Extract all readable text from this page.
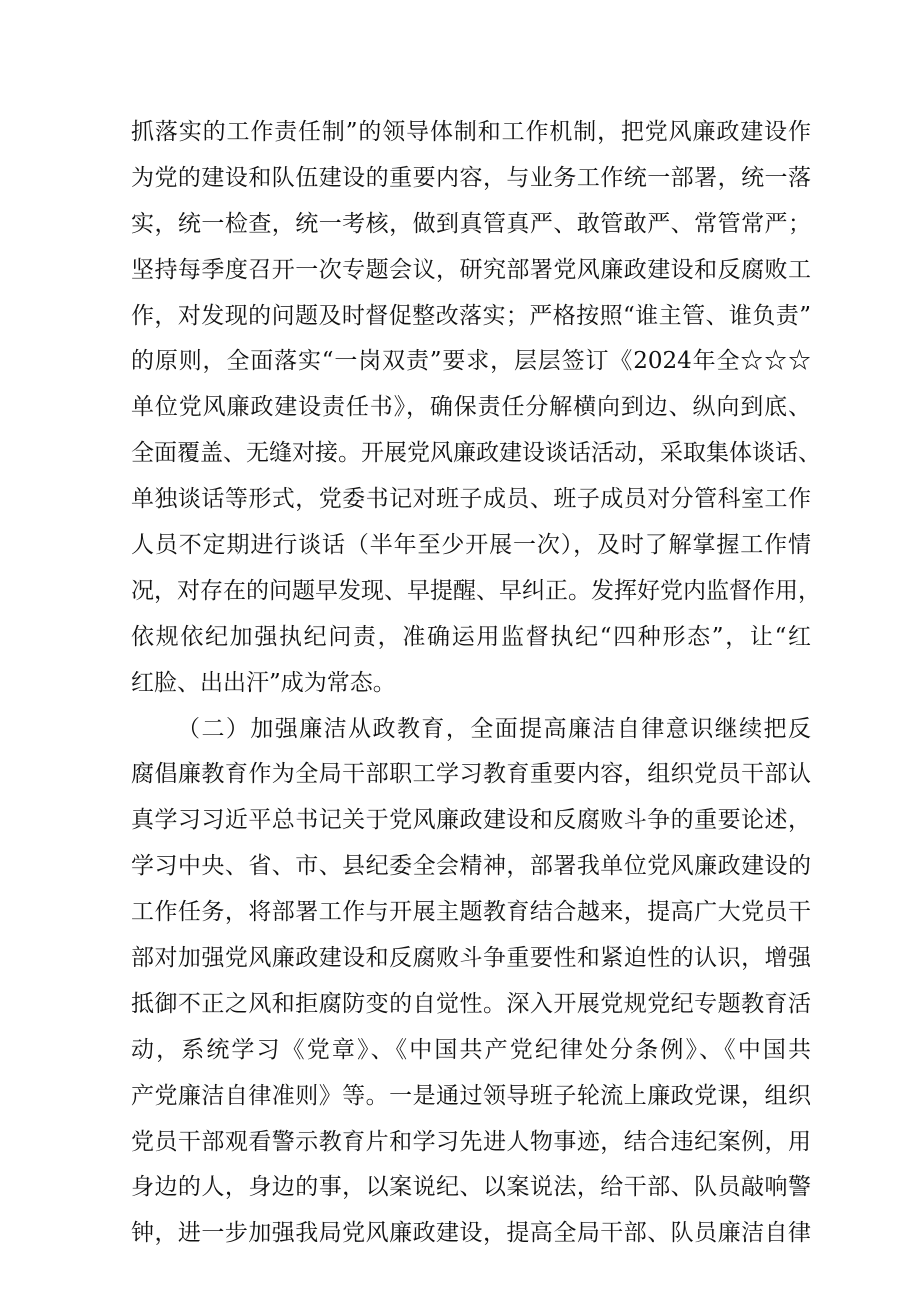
抓落实的工作责任制”的领导体制和工作机制，把党风廉政建设作
为党的建设和队伍建设的重要内容，与业务工作统一部署，统一落
实，统一检查，统一考核，做到真管真严、敢管敢严、常管常严；
坚持每季度召开一次专题会议，研究部署党风廉政建设和反腐败工
作，对发现的问题及时督促整改落实；严格按照“谁主管、谁负责”
的原则，全面落实“一岗双责”要求，层层签订《2024年全☆☆☆
单位党风廉政建设责任书》，确保责任分解横向到边、纵向到底、
全面覆盖、无缝对接。开展党风廉政建设谈话活动，采取集体谈话、
单独谈话等形式，党委书记对班子成员、班子成员对分管科室工作
人员不定期进行谈话（半年至少开展一次），及时了解掌握工作情
况，对存在的问题早发现、早提醒、早纠正。发挥好党内监督作用，
依规依纪加强执纪问责，准确运用监督执纪“四种形态”，让“红
红脸、出出汗”成为常态。
（二）加强廉洁从政教育，全面提高廉洁自律意识继续把反
腐倡廉教育作为全局干部职工学习教育重要内容，组织党员干部认
真学习习近平总书记关于党风廉政建设和反腐败斗争的重要论述，
学习中央、省、市、县纪委全会精神，部署我单位党风廉政建设的
工作任务，将部署工作与开展主题教育结合越来，提高广大党员干
部对加强党风廉政建设和反腐败斗争重要性和紧迫性的认识，增强
抵御不正之风和拒腐防变的自觉性。深入开展党规党纪专题教育活
动，系统学习《党章》、《中国共产党纪律处分条例》、《中国共
产党廉洁自律准则》等。一是通过领导班子轮流上廉政党课，组织
党员干部观看警示教育片和学习先进人物事迹，结合违纪案例，用
身边的人，身边的事，以案说纪、以案说法，给干部、队员敲响警
钟，进一步加强我局党风廉政建设，提高全局干部、队员廉洁自律
